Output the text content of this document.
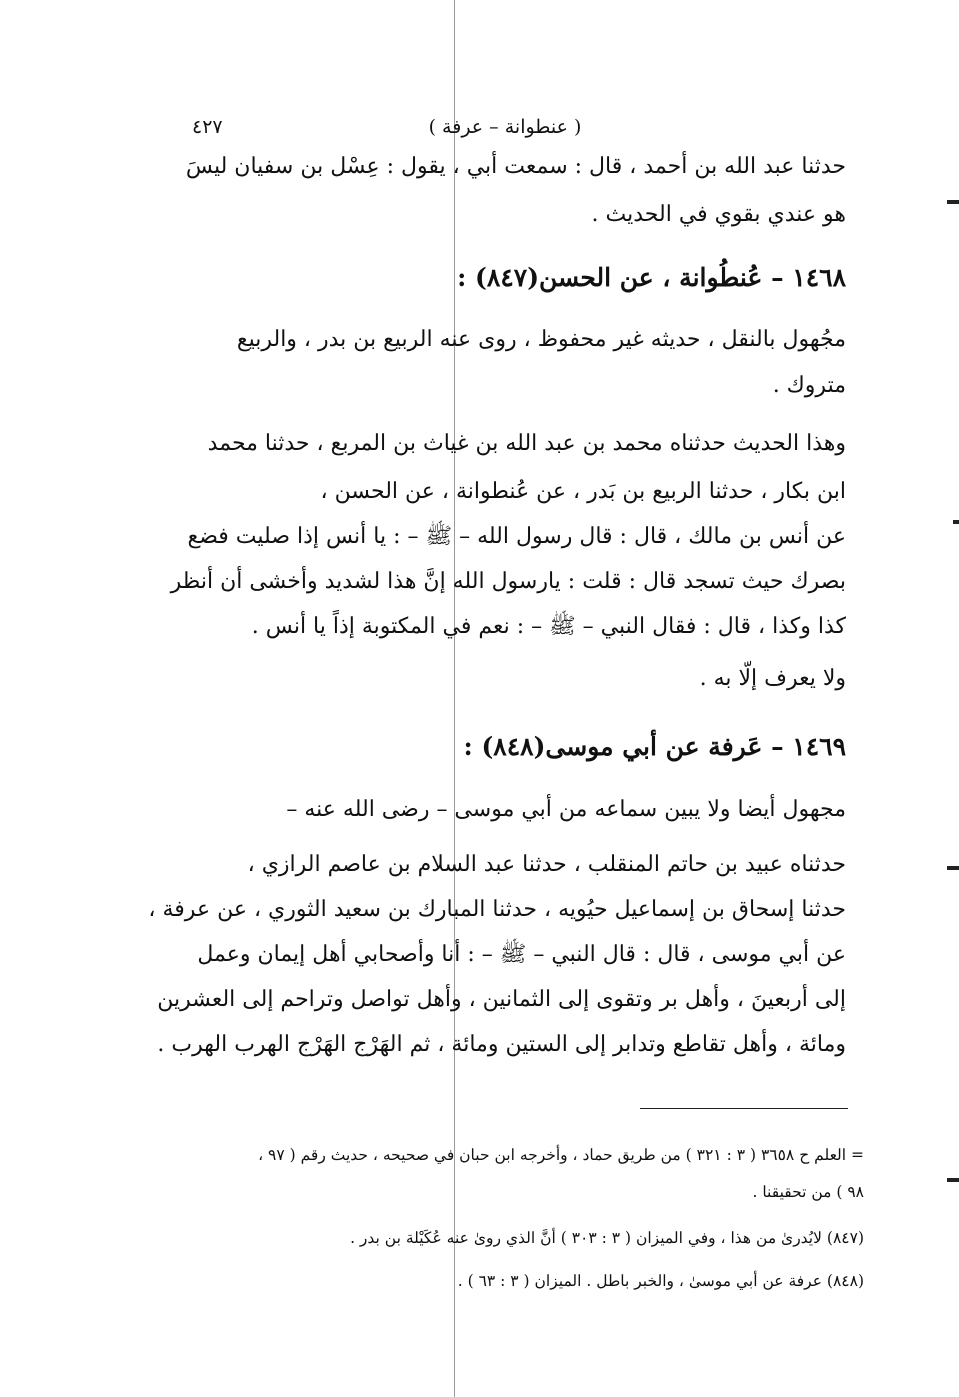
٤٢٧	( عنطوانة – عرفة )
حدثنا عبد الله بن أحمد ، قال : سمعت أبي ، يقول : عِسْل بن سفيان ليسَ
هو عندي بقوي في الحديث .
١٤٦٨ – عُنطُوانة ، عن الحسن(٨٤٧) :
مجُهول بالنقل ، حديثه غير محفوظ ، روى عنه الربيع بن بدر ، والربيع
متروك .
وهذا الحديث حدثناه محمد بن عبد الله بن غياث بن المربع ، حدثنا محمد
ابن بكار ، حدثنا الربيع بن بَدر ، عن عُنطوانة ، عن الحسن ،
عن أنس بن مالك ، قال : قال رسول الله – ﷺ – : يا أنس إذا صليت فضع
بصرك حيث تسجد قال : قلت : يارسول الله إنَّ هذا لشديد وأخشى أن أنظر
كذا وكذا ، قال : فقال النبي – ﷺ – : نعم في المكتوبة إذاً يا أنس .
ولا يعرف إلّا به .
١٤٦٩ – عَرفة عن أبي موسى(٨٤٨) :
مجهول أيضا ولا يبين سماعه من أبي موسى – رضى الله عنه –
حدثناه عبيد بن حاتم المنقلب ، حدثنا عبد السلام بن عاصم الرازي ،
حدثنا إسحاق بن إسماعيل حيُويه ، حدثنا المبارك بن سعيد الثوري ، عن عرفة ،
عن أبي موسى ، قال : قال النبي – ﷺ – : أنا وأصحابي أهل إيمان وعمل
إلى أربعينَ ، وأهل بر وتقوى إلى الثمانين ، وأهل تواصل وتراحم إلى العشرين
ومائة ، وأهل تقاطع وتدابر إلى الستين ومائة ، ثم الهَرْج الهَرْج الهرب الهرب .
= العلم ح ٣٦٥٨ ( ٣ : ٣٢١ ) من طريق حماد ، وأخرجه ابن حبان في صحيحه ، حديث رقم ( ٩٧ ،
٩٨ ) من تحقيقنا .
(٨٤٧) لايُدرىٰ من هذا ، وفي الميزان ( ٣ : ٣٠٣ ) أنَّ الذي روىٰ عنه عُكَيْلة بن بدر .
(٨٤٨) عرفة عن أبي موسىٰ ، والخبر باطل . الميزان ( ٣ : ٦٣ ) .
